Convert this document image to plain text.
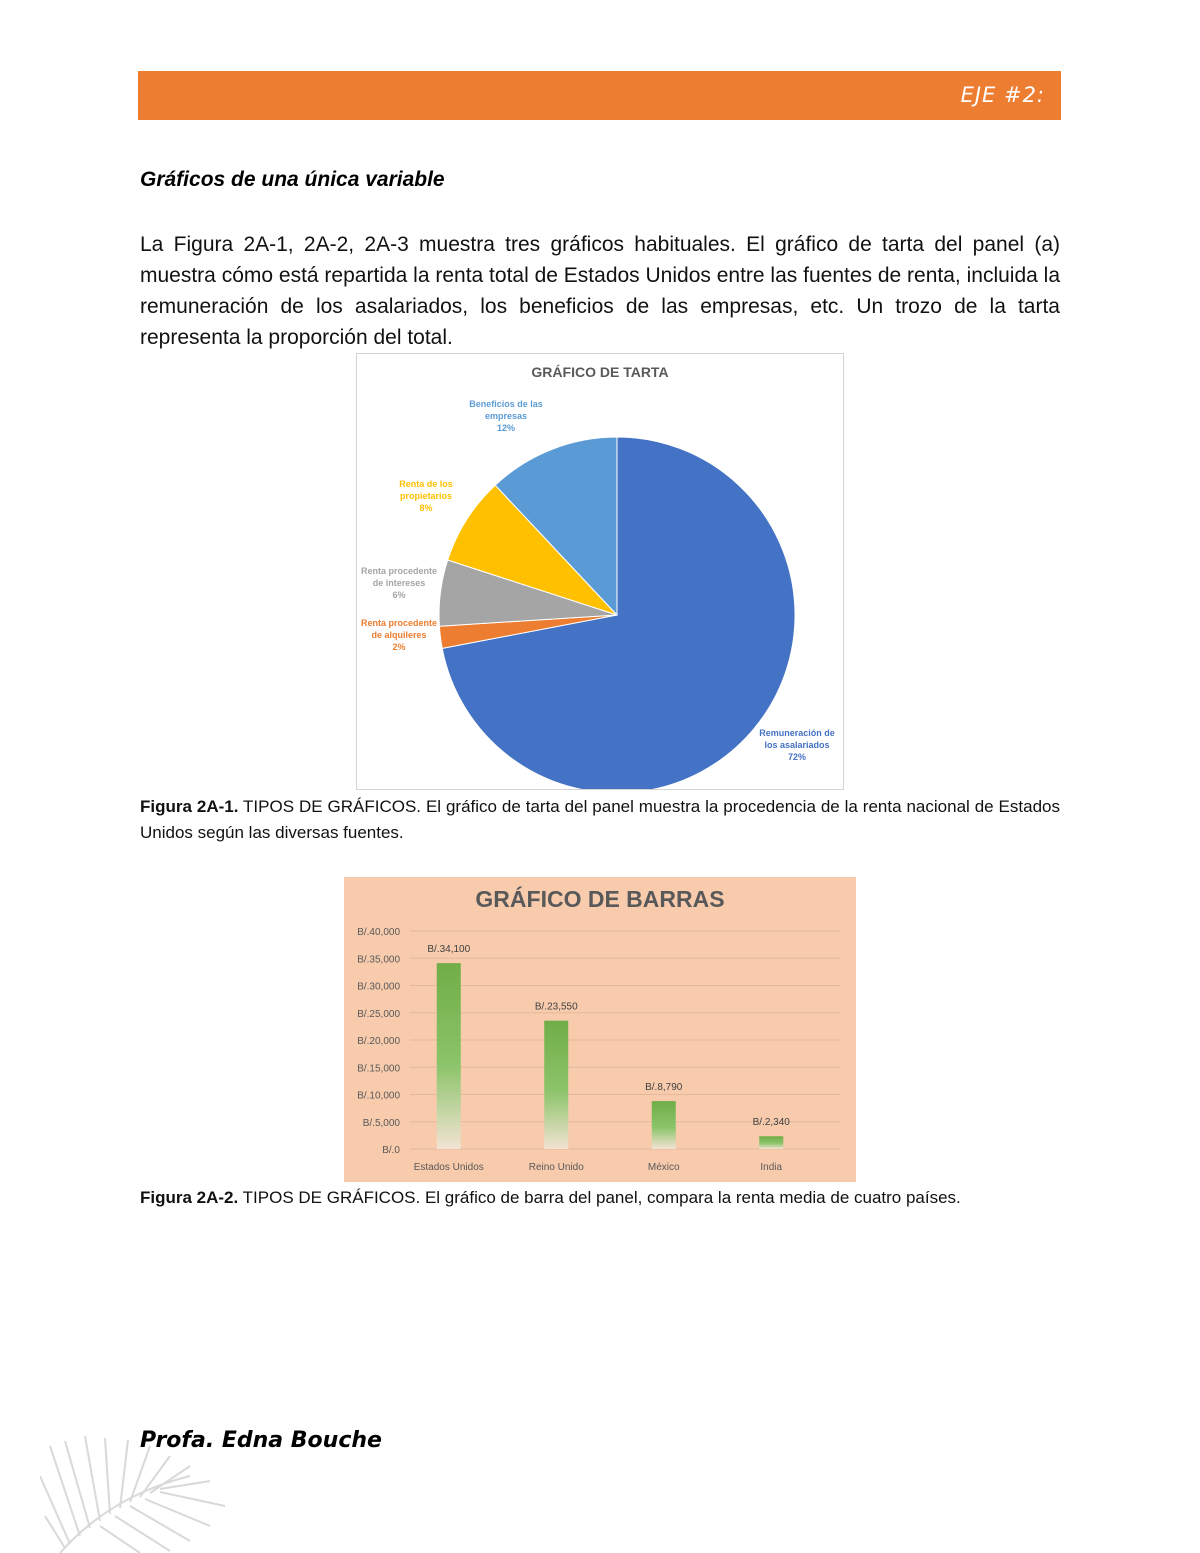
EJE #2:
Gráficos de una única variable

La Figura 2A-1, 2A-2, 2A-3 muestra tres gráficos habituales. El gráfico de tarta del panel (a) muestra cómo está repartida la renta total de Estados Unidos entre las fuentes de renta, incluida la remuneración de los asalariados, los beneficios de las empresas, etc. Un trozo de la tarta representa la proporción del total.

GRÁFICO DE TARTA
Remuneración de los asalariados 72%
Renta procedente de alquileres 2%
Renta procedente de intereses 6%
Renta de los propietarios 8%
Beneficios de las empresas 12%

Figura 2A-1. TIPOS DE GRÁFICOS. El gráfico de tarta del panel muestra la procedencia de la renta nacional de Estados Unidos según las diversas fuentes.

GRÁFICO DE BARRAS
B/.0
B/.5,000
B/.10,000
B/.15,000
B/.20,000
B/.25,000
B/.30,000
B/.35,000
B/.40,000
B/.34,100
Estados Unidos
B/.23,550
Reino Unido
B/.8,790
México
B/.2,340
India

Figura 2A-2. TIPOS DE GRÁFICOS. El gráfico de barra del panel, compara la renta media de cuatro países.

Profa. Edna Bouche
